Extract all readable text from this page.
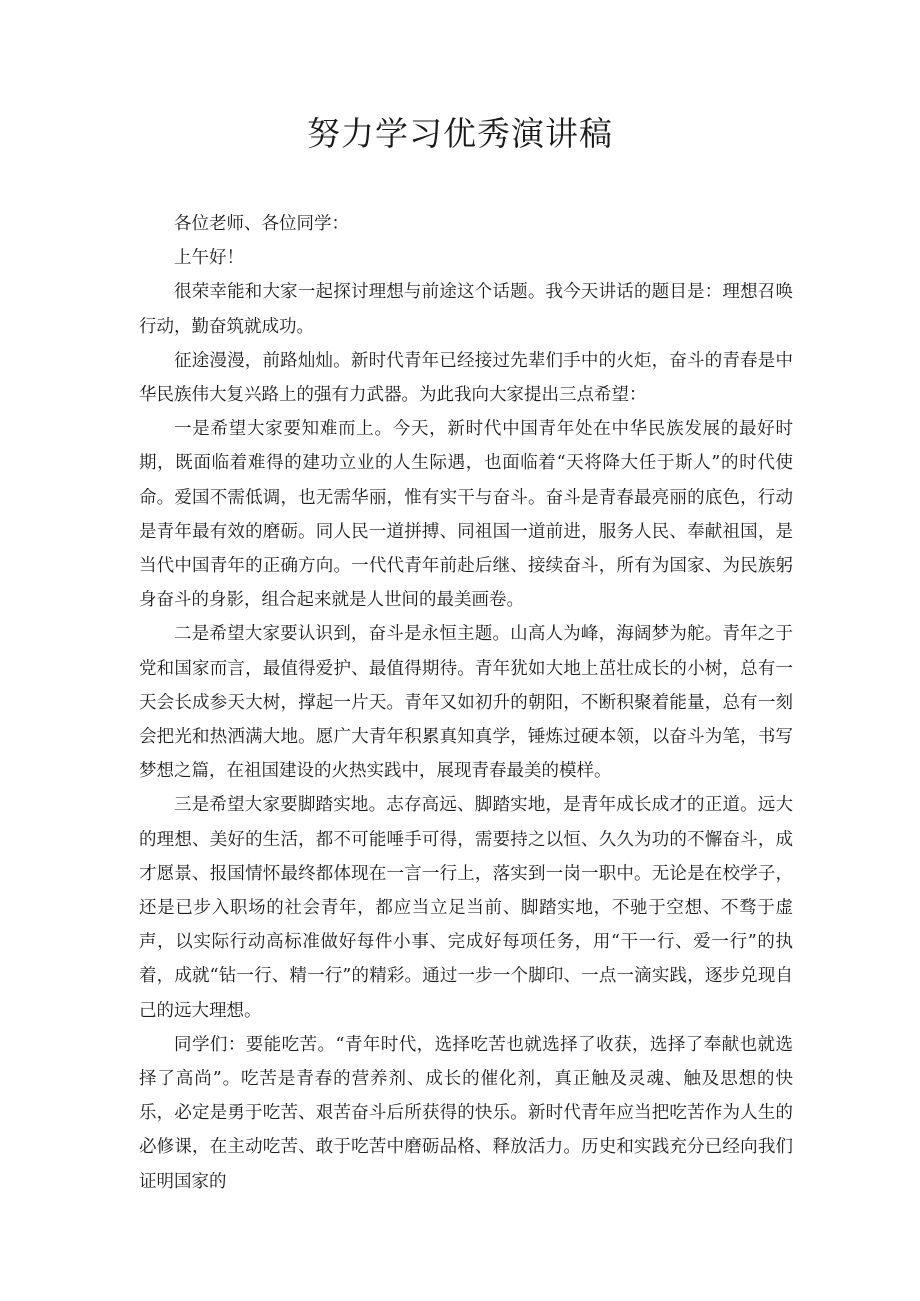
努力学习优秀演讲稿

各位老师、各位同学：

上午好！

很荣幸能和大家一起探讨理想与前途这个话题。我今天讲话的题目是：理想召唤行动，勤奋筑就成功。

征途漫漫，前路灿灿。新时代青年已经接过先辈们手中的火炬，奋斗的青春是中华民族伟大复兴路上的强有力武器。为此我向大家提出三点希望：

一是希望大家要知难而上。今天，新时代中国青年处在中华民族发展的最好时期，既面临着难得的建功立业的人生际遇，也面临着“天将降大任于斯人”的时代使命。爱国不需低调，也无需华丽，惟有实干与奋斗。奋斗是青春最亮丽的底色，行动是青年最有效的磨砺。同人民一道拼搏、同祖国一道前进，服务人民、奉献祖国，是当代中国青年的正确方向。一代代青年前赴后继、接续奋斗，所有为国家、为民族躬身奋斗的身影，组合起来就是人世间的最美画卷。

二是希望大家要认识到，奋斗是永恒主题。山高人为峰，海阔梦为舵。青年之于党和国家而言，最值得爱护、最值得期待。青年犹如大地上茁壮成长的小树，总有一天会长成参天大树，撑起一片天。青年又如初升的朝阳，不断积聚着能量，总有一刻会把光和热洒满大地。愿广大青年积累真知真学，锤炼过硬本领，以奋斗为笔，书写梦想之篇，在祖国建设的火热实践中，展现青春最美的模样。

三是希望大家要脚踏实地。志存高远、脚踏实地，是青年成长成才的正道。远大的理想、美好的生活，都不可能唾手可得，需要持之以恒、久久为功的不懈奋斗，成才愿景、报国情怀最终都体现在一言一行上，落实到一岗一职中。无论是在校学子，还是已步入职场的社会青年，都应当立足当前、脚踏实地，不驰于空想、不骛于虚声，以实际行动高标准做好每件小事、完成好每项任务，用“干一行、爱一行”的执着，成就“钻一行、精一行”的精彩。通过一步一个脚印、一点一滴实践，逐步兑现自己的远大理想。

同学们：要能吃苦。“青年时代，选择吃苦也就选择了收获，选择了奉献也就选择了高尚”。吃苦是青春的营养剂、成长的催化剂，真正触及灵魂、触及思想的快乐，必定是勇于吃苦、艰苦奋斗后所获得的快乐。新时代青年应当把吃苦作为人生的必修课，在主动吃苦、敢于吃苦中磨砺品格、释放活力。历史和实践充分已经向我们证明国家的
